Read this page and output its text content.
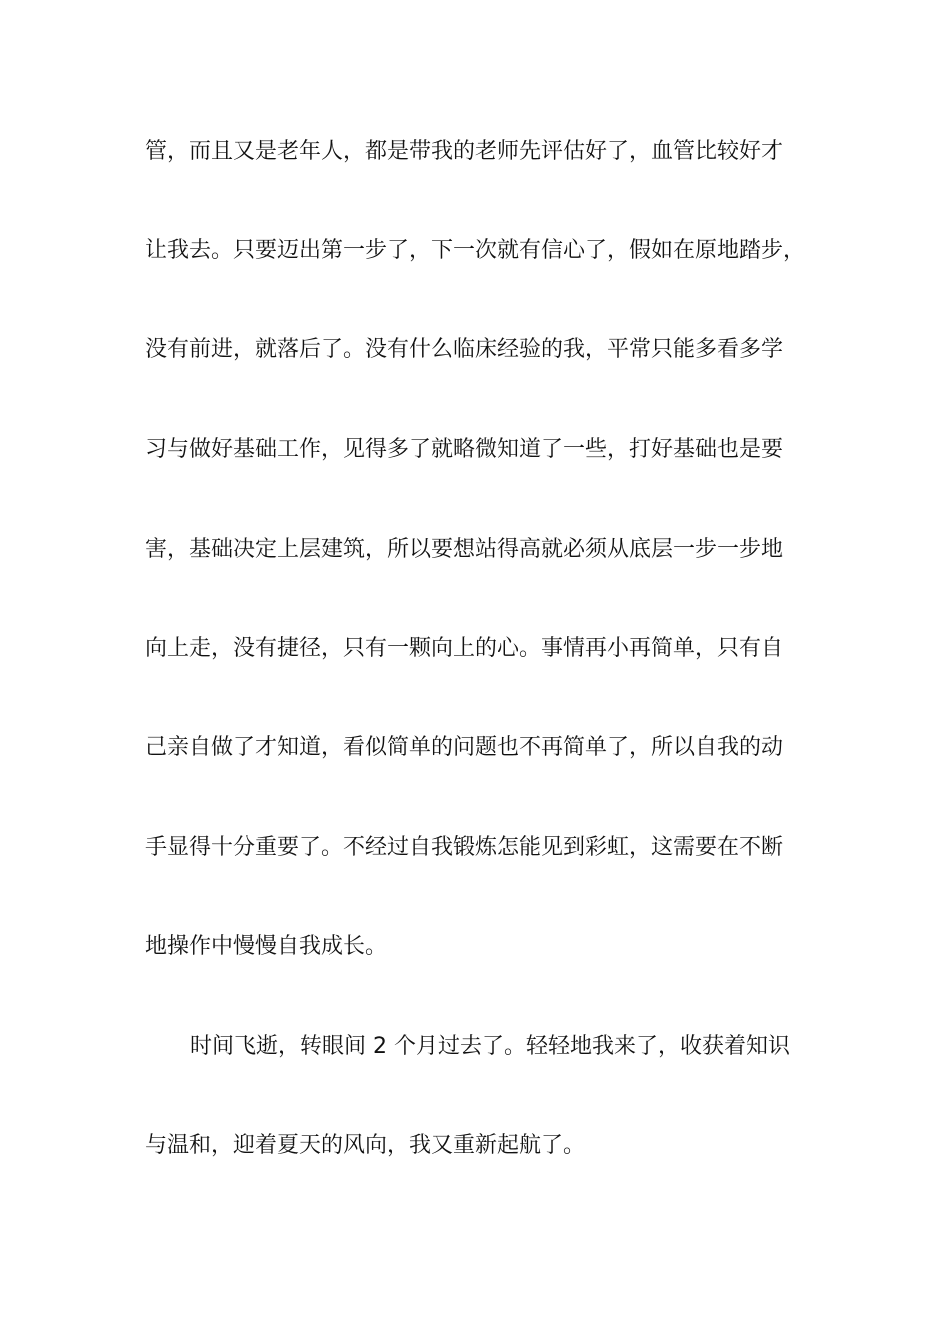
管，而且又是老年人，都是带我的老师先评估好了，血管比较好才
让我去。只要迈出第一步了，下一次就有信心了，假如在原地踏步，
没有前进，就落后了。没有什么临床经验的我，平常只能多看多学
习与做好基础工作，见得多了就略微知道了一些，打好基础也是要
害，基础决定上层建筑，所以要想站得高就必须从底层一步一步地
向上走，没有捷径，只有一颗向上的心。事情再小再简单，只有自
己亲自做了才知道，看似简单的问题也不再简单了，所以自我的动
手显得十分重要了。不经过自我锻炼怎能见到彩虹，这需要在不断
地操作中慢慢自我成长。
时间飞逝，转眼间 2 个月过去了。轻轻地我来了，收获着知识
与温和，迎着夏天的风向，我又重新起航了。
